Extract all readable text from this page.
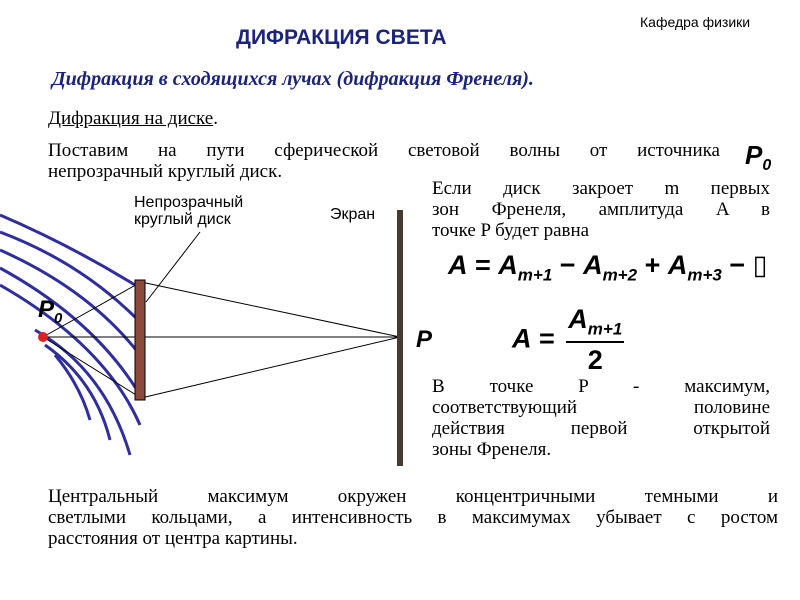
Кафедра физики
ДИФРАКЦИЯ СВЕТА
Дифракция в сходящихся лучах (дифракция Френеля).
Дифракция на диске.
Поставим на пути сферической световой волны от источника
непрозрачный круглый диск.
$P_0$
Если диск закроет m первых
зон Френеля, амплитуда A в
точке P будет равна
$A = A_{m+1} - A_{m+2} + A_{m+3}$ − ▯
$A = \frac{A_{m+1}}{2}$
В точке P - максимум,
соответствующий половине
действия первой открытой
зоны Френеля.
Центральный максимум окружен концентричными темными и
светлыми кольцами, а интенсивность в максимумах убывает с ростом
расстояния от центра картины.
Непрозрачный
круглый диск	Экран
$P_0$
P
